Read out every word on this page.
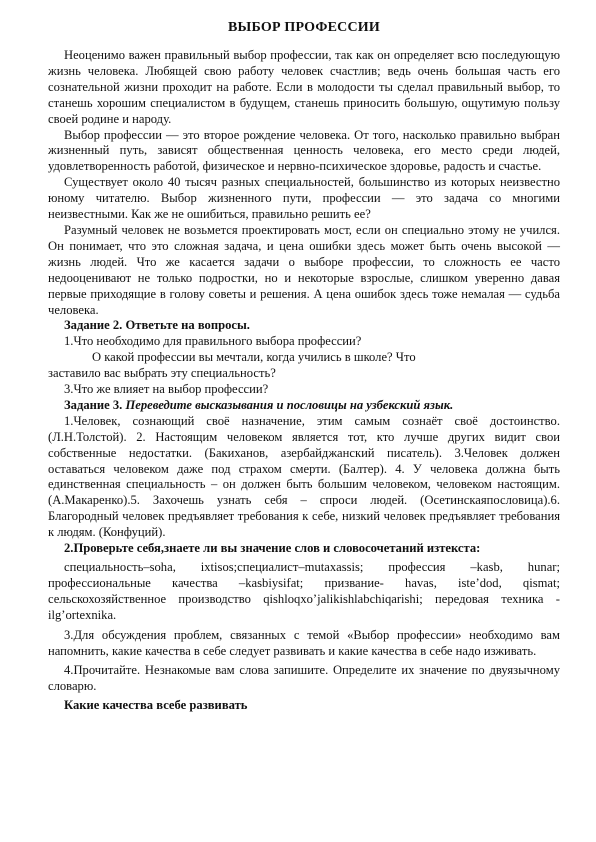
ВЫБОР ПРОФЕССИИ

Неоценимо важен правильный выбор профессии, так как он определяет всю последующую жизнь человека. Любящей свою работу человек счастлив; ведь очень большая часть его сознательной жизни проходит на работе. Если в молодости ты сделал правильный выбор, то станешь хорошим специалистом в будущем, станешь приносить большую, ощутимую пользу своей родине и народу.

Выбор профессии — это второе рождение человека. От того, насколько правильно выбран жизненный путь, зависят общественная ценность человека, его место среди людей, удовлетворенность работой, физическое и нервно-психическое здоровье, радость и счастье.

Существует около 40 тысяч разных специальностей, большинство из которых неизвестно юному читателю. Выбор жизненного пути, профессии — это задача со многими неизвестными. Как же не ошибиться, правильно решить ее?

Разумный человек не возьмется проектировать мост, если он специально этому не учился. Он понимает, что это сложная задача, и цена ошибки здесь может быть очень высокой — жизнь людей. Что же касается задачи о выборе профессии, то сложность ее часто недооценивают не только подростки, но и некоторые взрослые, слишком уверенно давая первые приходящие в голову советы и решения. А цена ошибок здесь тоже немалая — судьба человека.

Задание 2. Ответьте на вопросы.

1.Что необходимо для правильного выбора профессии?

О какой профессии вы мечтали, когда учились в школе? Что

заставило вас выбрать эту специальность?

3.Что же влияет на выбор профессии?

Задание 3. Переведите высказывания и пословицы на узбекский язык.

1.Человек, сознающий своё назначение, этим самым сознаёт своё достоинство. (Л.Н.Толстой). 2. Настоящим человеком является тот, кто лучше других видит свои собственные недостатки. (Бакиханов, азербайджанский писатель). 3.Человек должен оставаться человеком даже под страхом смерти. (Балтер). 4. У человека должна быть единственная специальность – он должен быть большим человеком, человеком настоящим. (А.Макаренко).5. Захочешь узнать себя – спроси людей. (Осетинскаяпословица).6. Благородный человек предъявляет требования к себе, низкий человек предъявляет требования к людям. (Конфуций).

2.Проверьте себя,знаете ли вы значение слов и словосочетаний изтекста:

специальность–soha, ixtisos;специалист–mutaxassis; профессия –kasb, hunar; профессиональные качества –kasbiysifat; призвание- havas, iste’dod, qismat; сельскохозяйственное производство qishloqxo’jalikishlabchiqarishi; передовая техника - ilg’ortexnika.

3.Для обсуждения проблем, связанных с темой «Выбор профессии» необходимо вам напомнить, какие качества в себе следует развивать и какие качества в себе надо изживать.

4.Прочитайте. Незнакомые вам слова запишите. Определите их значение по двуязычному словарю.

Какие качества всебе развивать
